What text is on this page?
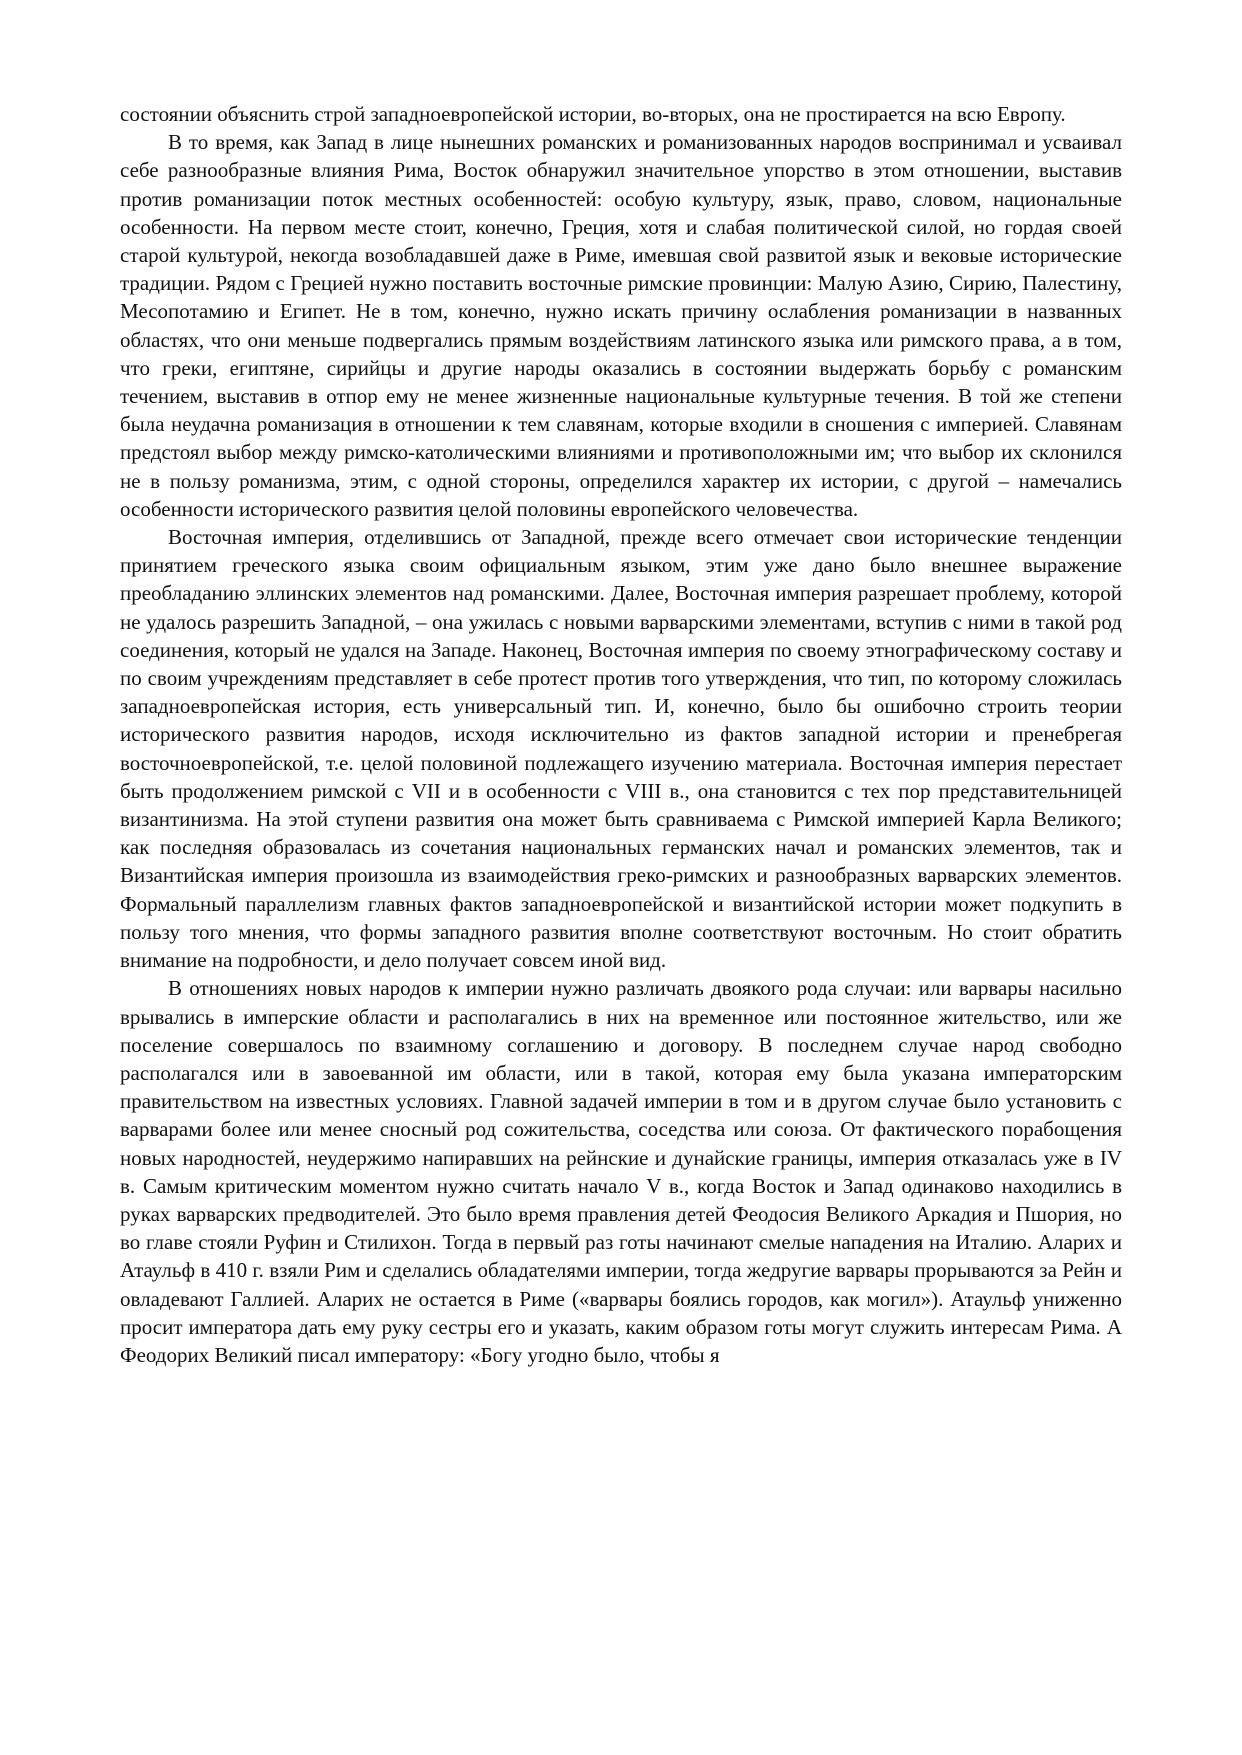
состоянии объяснить строй западноевропейской истории, во-вторых, она не простирается на всю Европу.

В то время, как Запад в лице нынешних романских и романизованных народов воспринимал и усваивал себе разнообразные влияния Рима, Восток обнаружил значительное упорство в этом отношении, выставив против романизации поток местных особенностей: особую культуру, язык, право, словом, национальные особенности. На первом месте стоит, конечно, Греция, хотя и слабая политической силой, но гордая своей старой культурой, некогда возобладавшей даже в Риме, имевшая свой развитой язык и вековые исторические традиции. Рядом с Грецией нужно поставить восточные римские провинции: Малую Азию, Сирию, Палестину, Месопотамию и Египет. Не в том, конечно, нужно искать причину ослабления романизации в названных областях, что они меньше подвергались прямым воздействиям латинского языка или римского права, а в том, что греки, египтяне, сирийцы и другие народы оказались в состоянии выдержать борьбу с романским течением, выставив в отпор ему не менее жизненные национальные культурные течения. В той же степени была неудачна романизация в отношении к тем славянам, которые входили в сношения с империей. Славянам предстоял выбор между римско-католическими влияниями и противоположными им; что выбор их склонился не в пользу романизма, этим, с одной стороны, определился характер их истории, с другой – намечались особенности исторического развития целой половины европейского человечества.

Восточная империя, отделившись от Западной, прежде всего отмечает свои исторические тенденции принятием греческого языка своим официальным языком, этим уже дано было внешнее выражение преобладанию эллинских элементов над романскими. Далее, Восточная империя разрешает проблему, которой не удалось разрешить Западной, – она ужилась с новыми варварскими элементами, вступив с ними в такой род соединения, который не удался на Западе. Наконец, Восточная империя по своему этнографическому составу и по своим учреждениям представляет в себе протест против того утверждения, что тип, по которому сложилась западноевропейская история, есть универсальный тип. И, конечно, было бы ошибочно строить теории исторического развития народов, исходя исключительно из фактов западной истории и пренебрегая восточноевропейской, т.е. целой половиной подлежащего изучению материала. Восточная империя перестает быть продолжением римской с VII и в особенности с VIII в., она становится с тех пор представительницей византинизма. На этой ступени развития она может быть сравниваема с Римской империей Карла Великого; как последняя образовалась из сочетания национальных германских начал и романских элементов, так и Византийская империя произошла из взаимодействия греко-римских и разнообразных варварских элементов. Формальный параллелизм главных фактов западноевропейской и византийской истории может подкупить в пользу того мнения, что формы западного развития вполне соответствуют восточным. Но стоит обратить внимание на подробности, и дело получает совсем иной вид.

В отношениях новых народов к империи нужно различать двоякого рода случаи: или варвары насильно врывались в имперские области и располагались в них на временное или постоянное жительство, или же поселение совершалось по взаимному соглашению и договору. В последнем случае народ свободно располагался или в завоеванной им области, или в такой, которая ему была указана императорским правительством на известных условиях. Главной задачей империи в том и в другом случае было установить с варварами более или менее сносный род сожительства, соседства или союза. От фактического порабощения новых народностей, неудержимо напиравших на рейнские и дунайские границы, империя отказалась уже в IV в. Самым критическим моментом нужно считать начало V в., когда Восток и Запад одинаково находились в руках варварских предводителей. Это было время правления детей Феодосия Великого Аркадия и Пшория, но во главе стояли Руфин и Стилихон. Тогда в первый раз готы начинают смелые нападения на Италию. Аларих и Атаульф в 410 г. взяли Рим и сделались обладателями империи, тогда жедругие варвары прорываются за Рейн и овладевают Галлией. Аларих не остается в Риме («варвары боялись городов, как могил»). Атаульф униженно просит императора дать ему руку сестры его и указать, каким образом готы могут служить интересам Рима. А Феодорих Великий писал императору: «Богу угодно было, чтобы я
